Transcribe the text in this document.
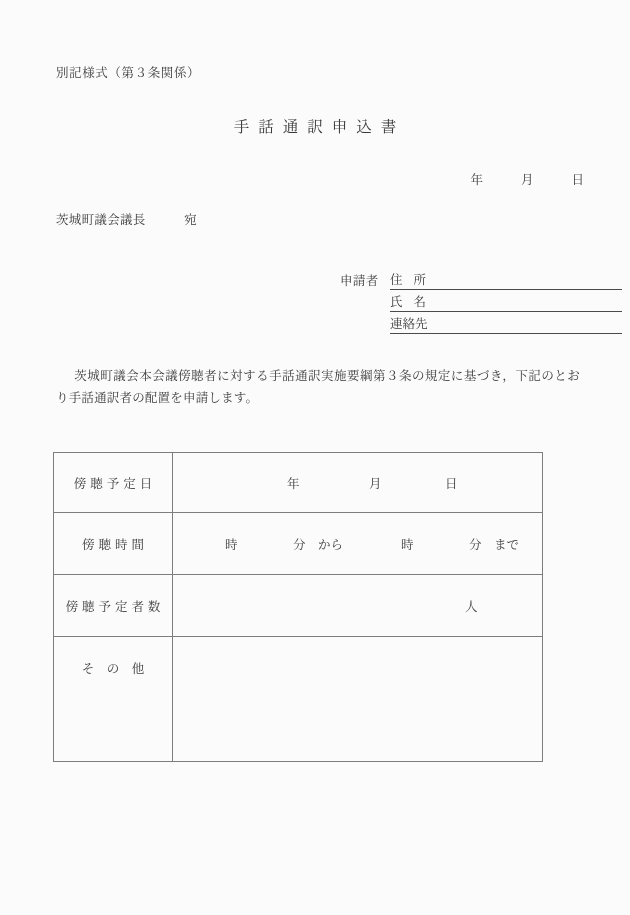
別記様式（第３条関係）
手話通訳申込書
年	月	日
茨城町議会議長	宛
申請者 住 所
氏 名
連絡先
茨城町議会本会議傍聴者に対する手話通訳実施要綱第３条の規定に基づき，下記のとおり手話通訳者の配置を申請します。
傍 聴 予 定 日	年 月 日

傍 聴 時 間	時 分　から 時 分　まで

傍 聴 予 定 者 数	人

そ　の　他	
